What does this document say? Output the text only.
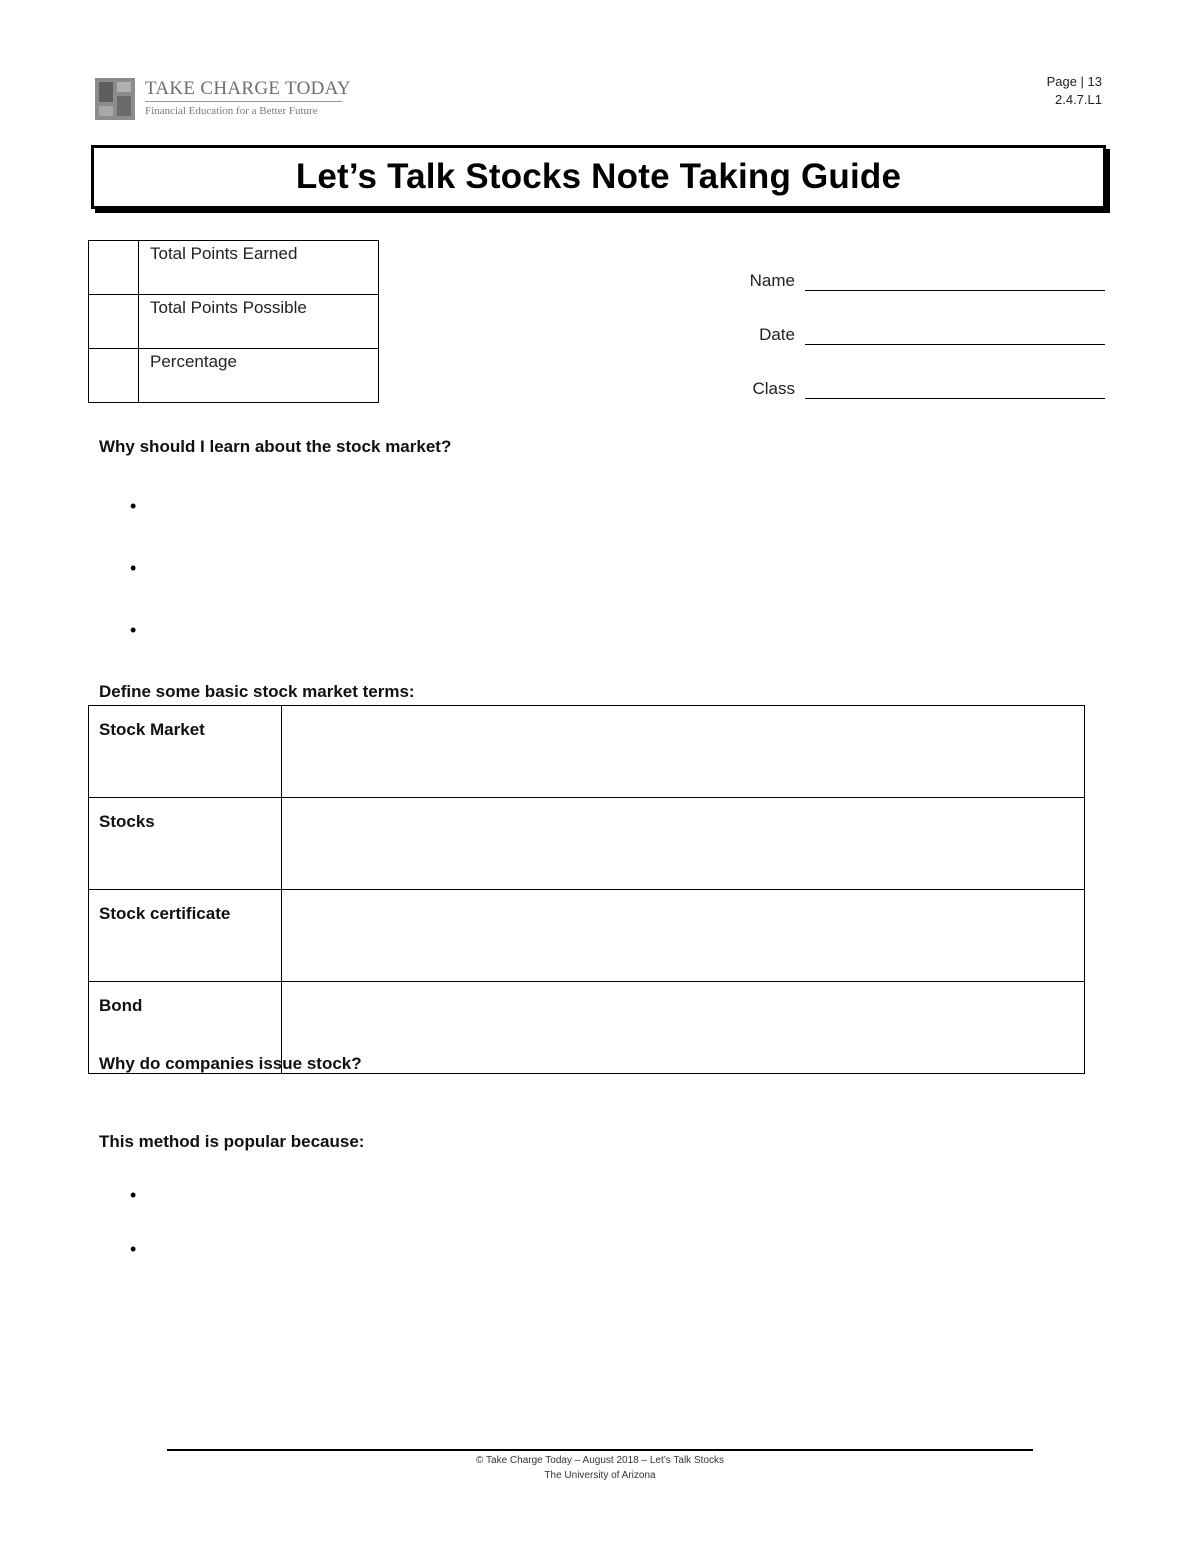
TAKE CHARGE TODAY
Financial Education for a Better Future
Page | 13
2.4.7.L1
Let’s Talk Stocks Note Taking Guide
	Total Points Earned
	Total Points Possible
	Percentage
Name
Date
Class
Why should I learn about the stock market?
•
•
•
Define some basic stock market terms:
Stock Market	
Stocks	
Stock certificate	
Bond	
Why do companies issue stock?
This method is popular because:
•
•
© Take Charge Today – August 2018 – Let’s Talk Stocks
The University of Arizona
